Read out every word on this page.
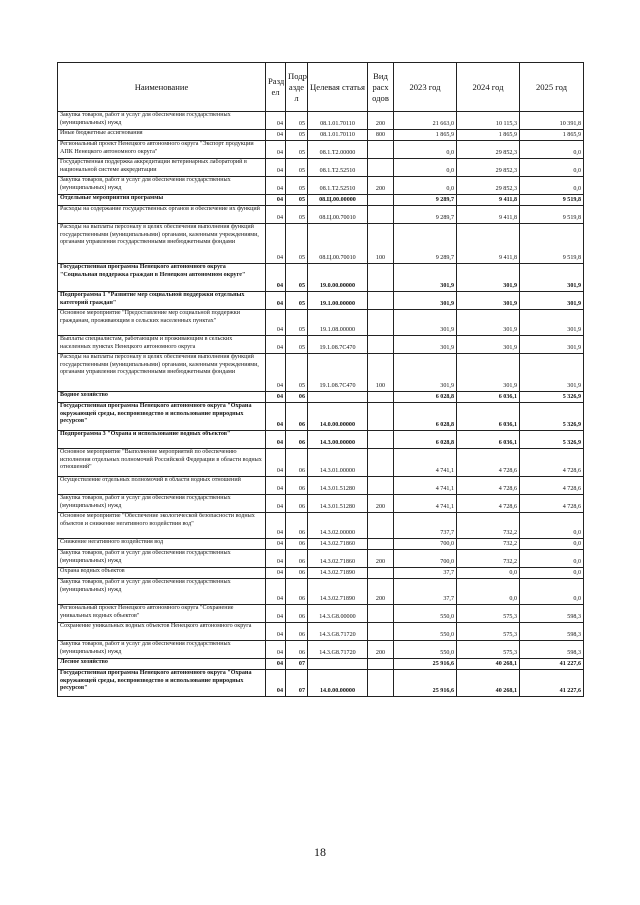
Наименование	Разд ел	Подр азде л	Целевая статья	Вид расх одов	2023 год	2024 год	2025 год
Закупка товаров, работ и услуг для обеспечения государственных (муниципальных) нужд	04	05	08.1.01.70110	200	21 663,0	10 115,3	10 391,8
Иные бюджетные ассигнования	04	05	08.1.01.70110	800	1 865,9	1 865,9	1 865,9
Региональный проект Ненецкого автономного округа "Экспорт продукции АПК Ненецкого автономного округа"	04	05	08.1.T2.00000		0,0	29 852,3	0,0
Государственная поддержка аккредитации ветеринарных лабораторий в национальной системе аккредитации	04	05	08.1.T2.52510		0,0	29 852,3	0,0
Закупка товаров, работ и услуг для обеспечения государственных (муниципальных) нужд	04	05	08.1.T2.52510	200	0,0	29 852,3	0,0
Отдельные мероприятия программы	04	05	08.Ц.00.00000		9 289,7	9 411,8	9 519,8
Расходы на содержание государственных органов и обеспечение их функций	04	05	08.Ц.00.70010		9 289,7	9 411,8	9 519,8
Расходы на выплаты персоналу в целях обеспечения выполнения функций государственными (муниципальными) органами, казенными учреждениями, органами управления государственными внебюджетными фондами	04	05	08.Ц.00.70010	100	9 289,7	9 411,8	9 519,8
Государственная программа Ненецкого автономного округа "Социальная поддержка граждан в Ненецком автономном округе"	04	05	19.0.00.00000		301,9	301,9	301,9
Подпрограмма 1 "Развитие мер социальной поддержки отдельных категорий граждан"	04	05	19.1.00.00000		301,9	301,9	301,9
Основное мероприятие "Предоставление мер социальной поддержки гражданам, проживающим в сельских населенных пунктах"	04	05	19.1.08.00000		301,9	301,9	301,9
Выплаты специалистам, работающим и проживающим в сельских населенных пунктах Ненецкого автономного округа	04	05	19.1.08.7С470		301,9	301,9	301,9
Расходы на выплаты персоналу в целях обеспечения выполнения функций государственными (муниципальными) органами, казенными учреждениями, органами управления государственными внебюджетными фондами	04	05	19.1.08.7С470	100	301,9	301,9	301,9
Водное хозяйство	04	06			6 028,8	6 036,1	5 326,9
Государственная программа Ненецкого автономного округа "Охрана окружающей среды, воспроизводство и использование природных ресурсов"	04	06	14.0.00.00000		6 028,8	6 036,1	5 326,9
Подпрограмма 3 "Охрана и использование водных объектов"	04	06	14.3.00.00000		6 028,8	6 036,1	5 326,9
Основное мероприятие "Выполнение мероприятий по обеспечению исполнения отдельных полномочий Российской Федерации в области водных отношений"	04	06	14.3.01.00000		4 741,1	4 728,6	4 728,6
Осуществление отдельных полномочий в области водных отношений	04	06	14.3.01.51280		4 741,1	4 728,6	4 728,6
Закупка товаров, работ и услуг для обеспечения государственных (муниципальных) нужд	04	06	14.3.01.51280	200	4 741,1	4 728,6	4 728,6
Основное мероприятие "Обеспечение экологической безопасности водных объектов и снижение негативного воздействия вод"	04	06	14.3.02.00000		737,7	732,2	0,0
Снижение негативного воздействия вод	04	06	14.3.02.71860		700,0	732,2	0,0
Закупка товаров, работ и услуг для обеспечения государственных (муниципальных) нужд	04	06	14.3.02.71860	200	700,0	732,2	0,0
Охрана водных объектов	04	06	14.3.02.71890		37,7	0,0	0,0
Закупка товаров, работ и услуг для обеспечения государственных (муниципальных) нужд	04	06	14.3.02.71890	200	37,7	0,0	0,0
Региональный проект Ненецкого автономного округа "Сохранение уникальных водных объектов"	04	06	14.3.G8.00000		550,0	575,3	598,3
Сохранение уникальных водных объектов Ненецкого автономного округа	04	06	14.3.G8.71720		550,0	575,3	598,3
Закупка товаров, работ и услуг для обеспечения государственных (муниципальных) нужд	04	06	14.3.G8.71720	200	550,0	575,3	598,3
Лесное хозяйство	04	07			25 916,6	40 268,1	41 227,6
Государственная программа Ненецкого автономного округа "Охрана окружающей среды, воспроизводство и использование природных ресурсов"	04	07	14.0.00.00000		25 916,6	40 268,1	41 227,6
18
